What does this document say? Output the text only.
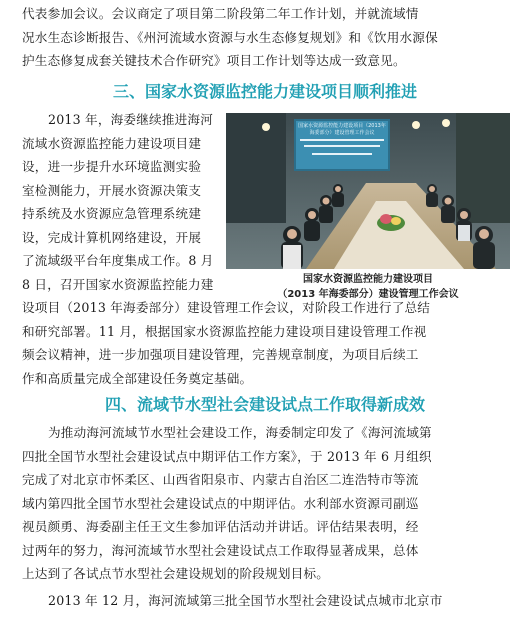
代表参加会议。会议商定了项目第二阶段第二年工作计划，并就流域情
况水生态诊断报告、《州河流域水资源与水生态修复规划》和《饮用水源保
护生态修复成套关键技术合作研究》项目工作计划等达成一致意见。
三、国家水资源监控能力建设项目顺利推进
2013 年，海委继续推进海河
流域水资源监控能力建设项目建
设，进一步提升水环境监测实验
室检测能力，开展水资源决策支
持系统及水资源应急管理系统建
设，完成计算机网络建设，开展
了流域级平台年度集成工作。8 月
8 日，召开国家水资源监控能力建
国家水资源监控能力建设项目（2013年海委部分）建设管理工作会议
国家水资源监控能力建设项目
（2013 年海委部分）建设管理工作会议
设项目（2013 年海委部分）建设管理工作会议，对阶段工作进行了总结
和研究部署。11 月，根据国家水资源监控能力建设项目建设管理工作视
频会议精神，进一步加强项目建设管理，完善规章制度，为项目后续工
作和高质量完成全部建设任务奠定基础。
四、流域节水型社会建设试点工作取得新成效
为推动海河流域节水型社会建设工作，海委制定印发了《海河流域第
四批全国节水型社会建设试点中期评估工作方案》，于 2013 年 6 月组织
完成了对北京市怀柔区、山西省阳泉市、内蒙古自治区二连浩特市等流
域内第四批全国节水型社会建设试点的中期评估。水利部水资源司副巡
视员颜勇、海委副主任王文生参加评估活动并讲话。评估结果表明，经
过两年的努力，海河流域节水型社会建设试点工作取得显著成果，总体
上达到了各试点节水型社会建设规划的阶段规划目标。
2013 年 12 月，海河流域第三批全国节水型社会建设试点城市北京市
